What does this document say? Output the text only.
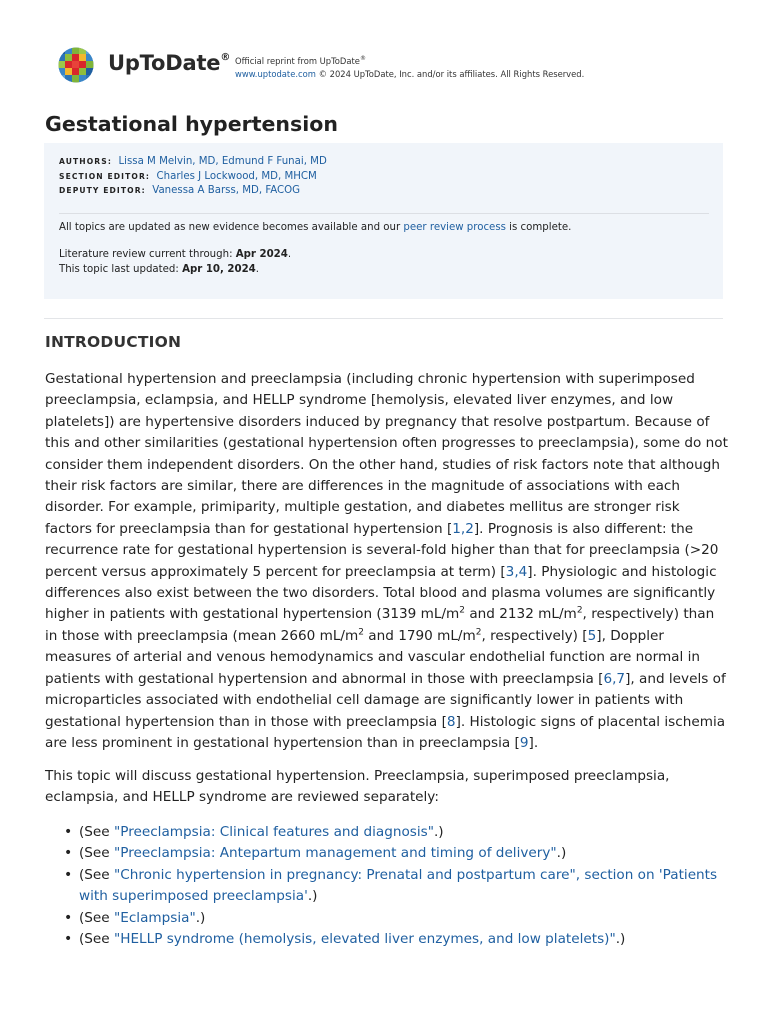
UpToDate® Official reprint from UpToDate®
www.uptodate.com © 2024 UpToDate, Inc. and/or its affiliates. All Rights Reserved.
Gestational hypertension
AUTHORS: Lissa M Melvin, MD, Edmund F Funai, MD
SECTION EDITOR: Charles J Lockwood, MD, MHCM
DEPUTY EDITOR: Vanessa A Barss, MD, FACOG
All topics are updated as new evidence becomes available and our peer review process is complete.
Literature review current through: Apr 2024.
This topic last updated: Apr 10, 2024.
INTRODUCTION

Gestational hypertension and preeclampsia (including chronic hypertension with superimposed preeclampsia, eclampsia, and HELLP syndrome [hemolysis, elevated liver enzymes, and low platelets]) are hypertensive disorders induced by pregnancy that resolve postpartum. Because of this and other similarities (gestational hypertension often progresses to preeclampsia), some do not consider them independent disorders. On the other hand, studies of risk factors note that although their risk factors are similar, there are differences in the magnitude of associations with each disorder. For example, primiparity, multiple gestation, and diabetes mellitus are stronger risk factors for preeclampsia than for gestational hypertension [1,2]. Prognosis is also different: the recurrence rate for gestational hypertension is several-fold higher than that for preeclampsia (>20 percent versus approximately 5 percent for preeclampsia at term) [3,4]. Physiologic and histologic differences also exist between the two disorders. Total blood and plasma volumes are significantly higher in patients with gestational hypertension (3139 $mL/m^2$ and 2132 $mL/m^2$, respectively) than in those with preeclampsia (mean 2660 $mL/m^2$ and 1790 $mL/m^2$, respectively) [5], Doppler measures of arterial and venous hemodynamics and vascular endothelial function are normal in patients with gestational hypertension and abnormal in those with preeclampsia [6,7], and levels of microparticles associated with endothelial cell damage are significantly lower in patients with gestational hypertension than in those with preeclampsia [8]. Histologic signs of placental ischemia are less prominent in gestational hypertension than in preeclampsia [9].

This topic will discuss gestational hypertension. Preeclampsia, superimposed preeclampsia, eclampsia, and HELLP syndrome are reviewed separately:

• (See "Preeclampsia: Clinical features and diagnosis".)
• (See "Preeclampsia: Antepartum management and timing of delivery".)
• (See "Chronic hypertension in pregnancy: Prenatal and postpartum care", section on 'Patients with superimposed preeclampsia'.)
• (See "Eclampsia".)
• (See "HELLP syndrome (hemolysis, elevated liver enzymes, and low platelets)".)
